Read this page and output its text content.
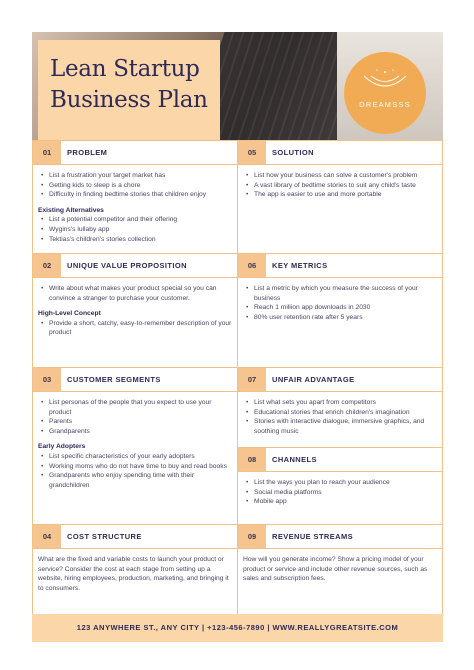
Lean Startup
Business Plan	DREAMSSS
01	PROBLEM
• List a frustration your target market has
• Getting kids to sleep is a chore
• Difficulty in finding bedtime stories that children enjoy
Existing Alternatives
• List a potential competitor and their offering
• Wygins's lullaby app
• Tektias's children's stories collection
05	SOLUTION
• List how your business can solve a customer's problem
• A vast library of bedtime stories to suit any child's taste
• The app is easier to use and more portable
02	UNIQUE VALUE PROPOSITION
• Write about what makes your product special so you can convince a stranger to purchase your customer.
High-Level Concept
• Provide a short, catchy, easy-to-remember description of your product
06	KEY METRICS
• List a metric by which you measure the success of your business
• Reach 1 million app downloads in 2030
• 80% user retention rate after 5 years
03	CUSTOMER SEGMENTS
• List personas of the people that you expect to use your product
• Parents
• Grandparents
Early Adopters
• List specific characteristics of your early adopters
• Working moms who do not have time to buy and read books
• Grandparents who enjoy spending time with their grandchildren
07	UNFAIR ADVANTAGE
• List what sets you apart from competitors
• Educational stories that enrich children's imagination
• Stories with interactive dialogue, immersive graphics, and soothing music
08	CHANNELS
• List the ways you plan to reach your audience
• Social media platforms
• Mobile app
04	COST STRUCTURE
What are the fixed and variable costs to launch your product or service? Consider the cost at each stage from setting up a website, hiring employees, production, marketing, and bringing it to consumers.
09	REVENUE STREAMS
How will you generate income? Show a pricing model of your product or service and include other revenue sources, such as sales and subscription fees.
123 ANYWHERE ST., ANY CITY | +123-456-7890 | WWW.REALLYGREATSITE.COM
